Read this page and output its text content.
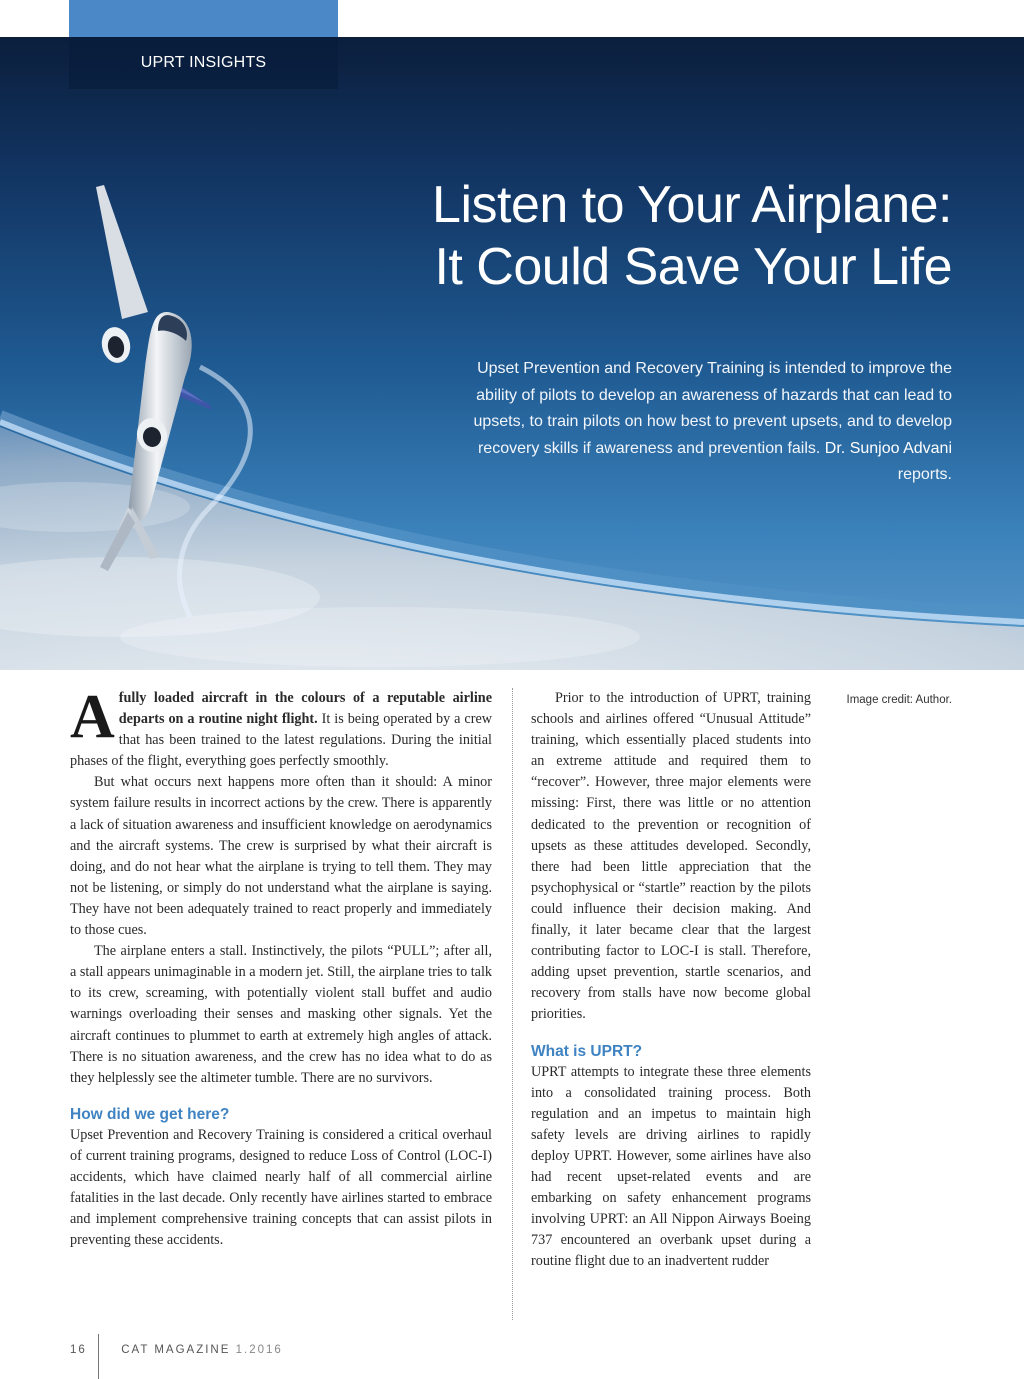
UPRT INSIGHTS
Listen to Your Airplane:
It Could Save Your Life

Upset Prevention and Recovery Training is intended to improve the ability of pilots to develop an awareness of hazards that can lead to upsets, to train pilots on how best to prevent upsets, and to develop recovery skills if awareness and prevention fails. Dr. Sunjoo Advani reports.

A fully loaded aircraft in the colours of a reputable airline departs on a routine night flight. It is being operated by a crew that has been trained to the latest regulations. During the initial phases of the flight, everything goes perfectly smoothly.

But what occurs next happens more often than it should: A minor system failure results in incorrect actions by the crew. There is apparently a lack of situation awareness and insufficient knowledge on aerodynamics and the aircraft systems. The crew is surprised by what their aircraft is doing, and do not hear what the airplane is trying to tell them. They may not be listening, or simply do not understand what the airplane is saying. They have not been adequately trained to react properly and immediately to those cues.

The airplane enters a stall. Instinctively, the pilots “PULL”; after all, a stall appears unimaginable in a modern jet. Still, the airplane tries to talk to its crew, screaming, with potentially violent stall buffet and audio warnings overloading their senses and masking other signals. Yet the aircraft continues to plummet to earth at extremely high angles of attack. There is no situation awareness, and the crew has no idea what to do as they helplessly see the altimeter tumble. There are no survivors.

How did we get here?

Upset Prevention and Recovery Training is considered a critical overhaul of current training programs, designed to reduce Loss of Control (LOC-I) accidents, which have claimed nearly half of all commercial airline fatalities in the last decade. Only recently have airlines started to embrace and implement comprehensive training concepts that can assist pilots in preventing these accidents.

Prior to the introduction of UPRT, training schools and airlines offered “Unusual Attitude” training, which essentially placed students into an extreme attitude and required them to “recover”. However, three major elements were missing: First, there was little or no attention dedicated to the prevention or recognition of upsets as these attitudes developed. Secondly, there had been little appreciation that the psychophysical or “startle” reaction by the pilots could influence their decision making. And finally, it later became clear that the largest contributing factor to LOC-I is stall. Therefore, adding upset prevention, startle scenarios, and recovery from stalls have now become global priorities.

What is UPRT?

UPRT attempts to integrate these three elements into a consolidated training process. Both regulation and an impetus to maintain high safety levels are driving airlines to rapidly deploy UPRT. However, some airlines have also had recent upset-related events and are embarking on safety enhancement programs involving UPRT: an All Nippon Airways Boeing 737 encountered an overbank upset during a routine flight due to an inadvertent rudder

Image credit: Author.
16	CAT MAGAZINE 1.2016
